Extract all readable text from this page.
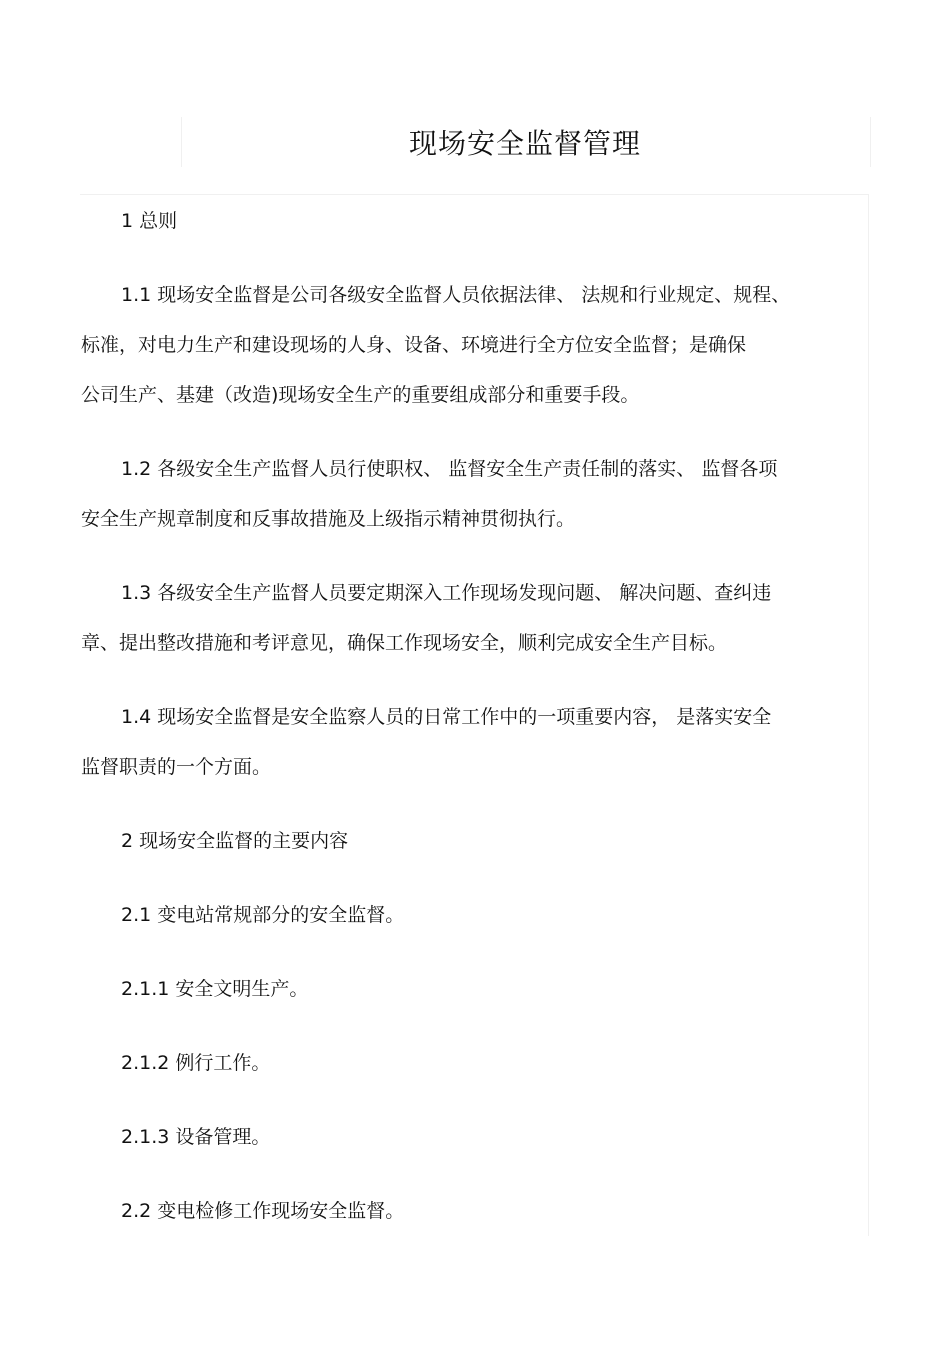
现场安全监督管理

1 总则

1.1 现场安全监督是公司各级安全监督人员依据法律、 法规和行业规定、规程、

标准，对电力生产和建设现场的人身、设备、环境进行全方位安全监督；是确保

公司生产、基建（改造)现场安全生产的重要组成部分和重要手段。

1.2 各级安全生产监督人员行使职权、 监督安全生产责任制的落实、 监督各项

安全生产规章制度和反事故措施及上级指示精神贯彻执行。

1.3 各级安全生产监督人员要定期深入工作现场发现问题、 解决问题、查纠违

章、提出整改措施和考评意见，确保工作现场安全，顺利完成安全生产目标。

1.4 现场安全监督是安全监察人员的日常工作中的一项重要内容， 是落实安全

监督职责的一个方面。

2 现场安全监督的主要内容

2.1 变电站常规部分的安全监督。

2.1.1 安全文明生产。

2.1.2 例行工作。

2.1.3 设备管理。

2.2 变电检修工作现场安全监督。
